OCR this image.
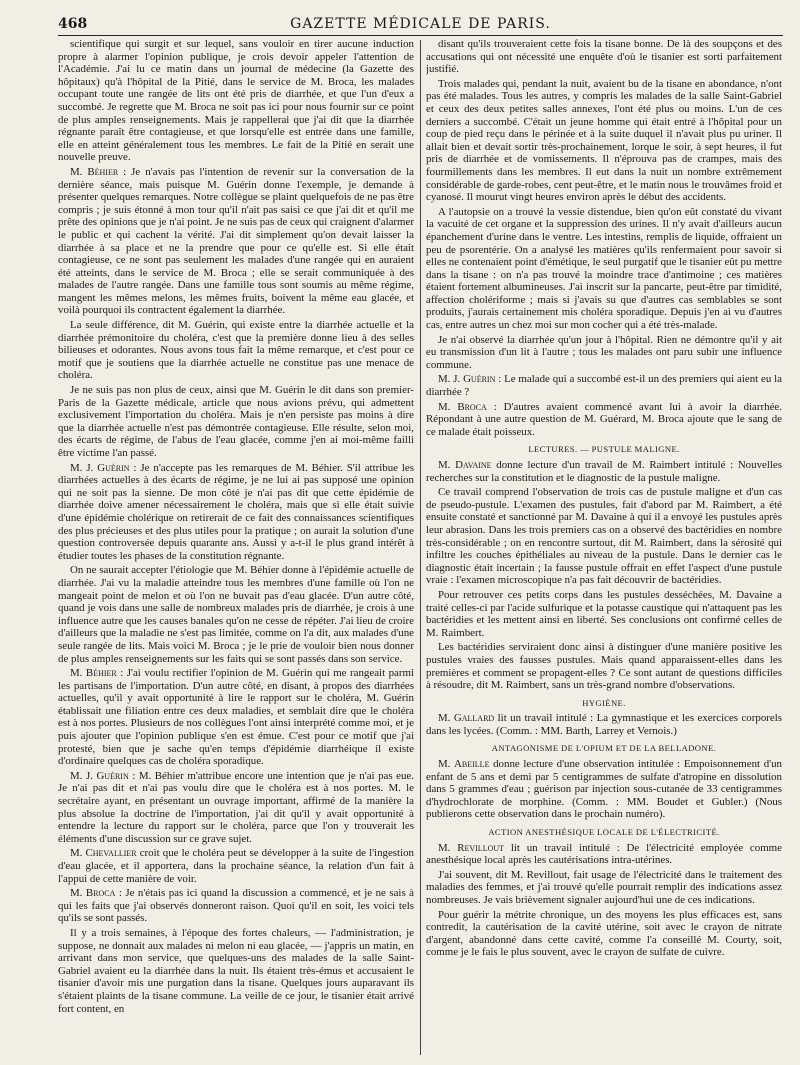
468	GAZETTE MÉDICALE DE PARIS.

scientifique qui surgit et sur lequel, sans vouloir en tirer aucune induction propre à alarmer l'opinion publique, je crois devoir appeler l'attention de l'Académie. J'ai lu ce matin dans un journal de médecine (la Gazette des hôpitaux) qu'à l'hôpital de la Pitié, dans le service de M. Broca, les malades occupant toute une rangée de lits ont été pris de diarrhée, et que l'un d'eux a succombé. Je regrette que M. Broca ne soit pas ici pour nous fournir sur ce point de plus amples renseignements. Mais je rappellerai que j'ai dit que la diarrhée régnante paraît être contagieuse, et que lorsqu'elle est entrée dans une famille, elle en atteint généralement tous les membres. Le fait de la Pitié en serait une nouvelle preuve.

M. Béhier : Je n'avais pas l'intention de revenir sur la conversation de la dernière séance, mais puisque M. Guérin donne l'exemple, je demande à présenter quelques remarques. Notre collègue se plaint quelquefois de ne pas être compris ; je suis étonné à mon tour qu'il n'ait pas saisi ce que j'ai dit et qu'il me prête des opinions que je n'ai point. Je ne suis pas de ceux qui craignent d'alarmer le public et qui cachent la vérité. J'ai dit simplement qu'on devait laisser la diarrhée à sa place et ne la prendre que pour ce qu'elle est. Si elle était contagieuse, ce ne sont pas seulement les malades d'une rangée qui en auraient été atteints, dans le service de M. Broca ; elle se serait communiquée à des malades de l'autre rangée. Dans une famille tous sont soumis au même régime, mangent les mêmes melons, les mêmes fruits, boivent la même eau glacée, et voilà pourquoi ils contractent également la diarrhée.

La seule différence, dit M. Guérin, qui existe entre la diarrhée actuelle et la diarrhée prémonitoire du choléra, c'est que la première donne lieu à des selles bilieuses et odorantes. Nous avons tous fait la même remarque, et c'est pour ce motif que je soutiens que la diarrhée actuelle ne constitue pas une menace de choléra.

Je ne suis pas non plus de ceux, ainsi que M. Guérin le dit dans son premier-Paris de la Gazette médicale, article que nous avions prévu, qui admettent exclusivement l'importation du choléra. Mais je n'en persiste pas moins à dire que la diarrhée actuelle n'est pas démontrée contagieuse. Elle résulte, selon moi, des écarts de régime, de l'abus de l'eau glacée, comme j'en ai moi-même failli être victime l'an passé.

M. J. Guérin : Je n'accepte pas les remarques de M. Béhier. S'il attribue les diarrhées actuelles à des écarts de régime, je ne lui ai pas supposé une opinion qui ne soit pas la sienne. De mon côté je n'ai pas dit que cette épidémie de diarrhée doive amener nécessairement le choléra, mais que si elle était suivie d'une épidémie cholérique on retirerait de ce fait des connaissances scientifiques des plus précieuses et des plus utiles pour la pratique ; on aurait la solution d'une question controversée depuis quarante ans. Aussi y a-t-il le plus grand intérêt à étudier toutes les phases de la constitution régnante.

On ne saurait accepter l'étiologie que M. Béhier donne à l'épidémie actuelle de diarrhée. J'ai vu la maladie atteindre tous les membres d'une famille où l'on ne mangeait point de melon et où l'on ne buvait pas d'eau glacée. D'un autre côté, quand je vois dans une salle de nombreux malades pris de diarrhée, je crois à une influence autre que les causes banales qu'on ne cesse de répéter. J'ai lieu de croire d'ailleurs que la maladie ne s'est pas limitée, comme on l'a dit, aux malades d'une seule rangée de lits. Mais voici M. Broca ; je le prie de vouloir bien nous donner de plus amples renseignements sur les faits qui se sont passés dans son service.

M. Béhier : J'ai voulu rectifier l'opinion de M. Guérin qui me rangeait parmi les partisans de l'importation. D'un autre côté, en disant, à propos des diarrhées actuelles, qu'il y avait opportunité à lire le rapport sur le choléra, M. Guérin établissait une filiation entre ces deux maladies, et semblait dire que le choléra est à nos portes. Plusieurs de nos collègues l'ont ainsi interprété comme moi, et je puis ajouter que l'opinion publique s'en est émue. C'est pour ce motif que j'ai protesté, bien que je sache qu'en temps d'épidémie diarrhéique il existe d'ordinaire quelques cas de choléra sporadique.

M. J. Guérin : M. Béhier m'attribue encore une intention que je n'ai pas eue. Je n'ai pas dit et n'ai pas voulu dire que le choléra est à nos portes. M. le secrétaire ayant, en présentant un ouvrage important, affirmé de la manière la plus absolue la doctrine de l'importation, j'ai dit qu'il y avait opportunité à entendre la lecture du rapport sur le choléra, parce que l'on y trouverait les éléments d'une discussion sur ce grave sujet.

M. Chevallier croit que le choléra peut se développer à la suite de l'ingestion d'eau glacée, et il apportera, dans la prochaine séance, la relation d'un fait à l'appui de cette manière de voir.

M. Broca : Je n'étais pas ici quand la discussion a commencé, et je ne sais à qui les faits que j'ai observés donneront raison. Quoi qu'il en soit, les voici tels qu'ils se sont passés.

Il y a trois semaines, à l'époque des fortes chaleurs, — l'administration, je suppose, ne donnait aux malades ni melon ni eau glacée, — j'appris un matin, en arrivant dans mon service, que quelques-uns des malades de la salle Saint-Gabriel avaient eu la diarrhée dans la nuit. Ils étaient très-émus et accusaient le tisanier d'avoir mis une purgation dans la tisane. Quelques jours auparavant ils s'étaient plaints de la tisane commune. La veille de ce jour, le tisanier était arrivé fort content, en

disant qu'ils trouveraient cette fois la tisane bonne. De là des soupçons et des accusations qui ont nécessité une enquête d'où le tisanier est sorti parfaitement justifié.

Trois malades qui, pendant la nuit, avaient bu de la tisane en abondance, n'ont pas été malades. Tous les autres, y compris les malades de la salle Saint-Gabriel et ceux des deux petites salles annexes, l'ont été plus ou moins. L'un de ces derniers a succombé. C'était un jeune homme qui était entré à l'hôpital pour un coup de pied reçu dans le périnée et à la suite duquel il n'avait plus pu uriner. Il allait bien et devait sortir très-prochainement, lorque le soir, à sept heures, il fut pris de diarrhée et de vomissements. Il n'éprouva pas de crampes, mais des fourmillements dans les membres. Il eut dans la nuit un nombre extrêmement considérable de garde-robes, cent peut-être, et le matin nous le trouvâmes froid et cyanosé. Il mourut vingt heures environ après le début des accidents.

A l'autopsie on a trouvé la vessie distendue, bien qu'on eût constaté du vivant la vacuité de cet organe et la suppression des urines. Il n'y avait d'ailleurs aucun épanchement d'urine dans le ventre. Les intestins, remplis de liquide, offraient un peu de psorentérie. On a analysé les matières qu'ils renfermaient pour savoir si elles ne contenaient point d'émétique, le seul purgatif que le tisanier eût pu mettre dans la tisane : on n'a pas trouvé la moindre trace d'antimoine ; ces matières étaient fortement albumineuses. J'ai inscrit sur la pancarte, peut-être par timidité, affection cholériforme ; mais si j'avais su que d'autres cas semblables se sont produits, j'aurais certainement mis choléra sporadique. Depuis j'en ai vu d'autres cas, entre autres un chez moi sur mon cocher qui a été très-malade.

Je n'ai observé la diarrhée qu'un jour à l'hôpital. Rien ne démontre qu'il y ait eu transmission d'un lit à l'autre ; tous les malades ont paru subir une influence commune.

M. J. Guérin : Le malade qui a succombé est-il un des premiers qui aient eu la diarrhée ?

M. Broca : D'autres avaient commencé avant lui à avoir la diarrhée. Répondant à une autre question de M. Guérard, M. Broca ajoute que le sang de ce malade était poisseux.

LECTURES. — PUSTULE MALIGNE.

M. Davaine donne lecture d'un travail de M. Raimbert intitulé : Nouvelles recherches sur la constitution et le diagnostic de la pustule maligne.

Ce travail comprend l'observation de trois cas de pustule maligne et d'un cas de pseudo-pustule. L'examen des pustules, fait d'abord par M. Raimbert, a été ensuite constaté et sanctionné par M. Davaine à qui il a envoyé les pustules après leur abrasion. Dans les trois premiers cas on a observé des bactéridies en nombre très-considérable ; on en rencontre surtout, dit M. Raimbert, dans la sérosité qui infiltre les couches épithéliales au niveau de la pustule. Dans le dernier cas le diagnostic était incertain ; la fausse pustule offrait en effet l'aspect d'une pustule vraie : l'examen microscopique n'a pas fait découvrir de bactéridies.

Pour retrouver ces petits corps dans les pustules desséchées, M. Davaine a traité celles-ci par l'acide sulfurique et la potasse caustique qui n'attaquent pas les bactéridies et les mettent ainsi en liberté. Ses conclusions ont confirmé celles de M. Raimbert.

Les bactéridies serviraient donc ainsi à distinguer d'une manière positive les pustules vraies des fausses pustules. Mais quand apparaissent-elles dans les premières et comment se propagent-elles ? Ce sont autant de questions difficiles à résoudre, dit M. Raimbert, sans un très-grand nombre d'observations.

HYGIÈNE.

M. Gallard lit un travail intitulé : La gymnastique et les exercices corporels dans les lycées. (Comm. : MM. Barth, Larrey et Vernois.)

ANTAGONISME DE L'OPIUM ET DE LA BELLADONE.

M. Abeille donne lecture d'une observation intitulée : Empoisonnement d'un enfant de 5 ans et demi par 5 centigrammes de sulfate d'atropine en dissolution dans 5 grammes d'eau ; guérison par injection sous-cutanée de 33 centigrammes d'hydrochlorate de morphine. (Comm. : MM. Boudet et Gubler.) (Nous publierons cette observation dans le prochain numéro).

ACTION ANESTHÉSIQUE LOCALE DE L'ÉLECTRICITÉ.

M. Revillout lit un travail intitulé : De l'électricité employée comme anesthésique local après les cautérisations intra-utérines.

J'ai souvent, dit M. Revillout, fait usage de l'électricité dans le traitement des maladies des femmes, et j'ai trouvé qu'elle pourrait remplir des indications assez nombreuses. Je vais brièvement signaler aujourd'hui une de ces indications.

Pour guérir la métrite chronique, un des moyens les plus efficaces est, sans contredit, la cautérisation de la cavité utérine, soit avec le crayon de nitrate d'argent, abandonné dans cette cavité, comme l'a conseillé M. Courty, soit, comme je le fais le plus souvent, avec le crayon de sulfate de cuivre.
